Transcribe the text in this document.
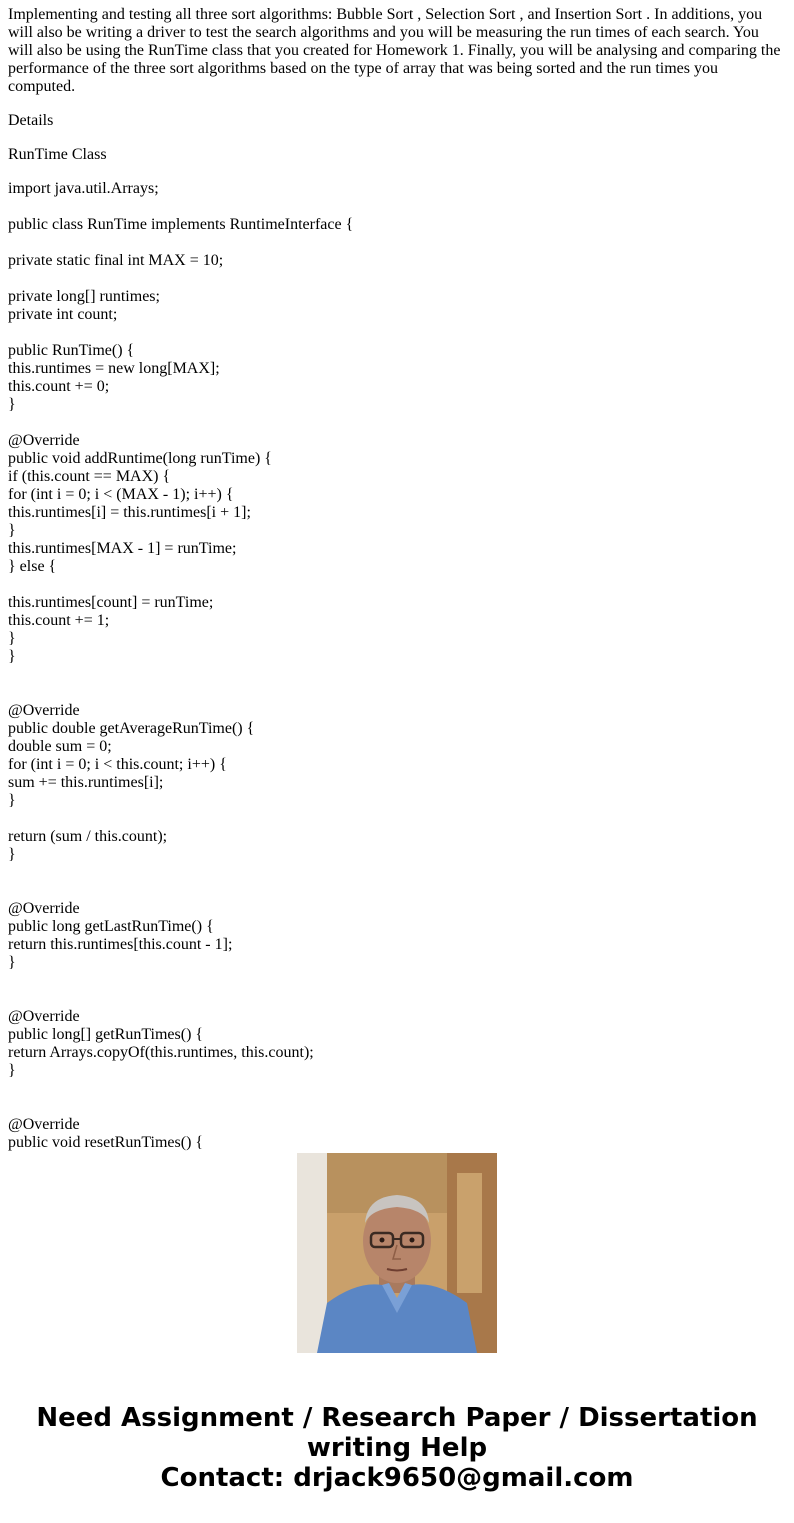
Implementing and testing all three sort algorithms: Bubble Sort , Selection Sort , and Insertion Sort . In additions, you will also be writing a driver to test the search algorithms and you will be measuring the run times of each search. You will also be using the RunTime class that you created for Homework 1. Finally, you will be analysing and comparing the performance of the three sort algorithms based on the type of array that was being sorted and the run times you computed.

Details

RunTime Class

import java.util.Arrays;
public class RunTime implements RuntimeInterface {
private static final int MAX = 10;
private long[] runtimes;
private int count;
public RunTime() {
this.runtimes = new long[MAX];
this.count += 0;
}
@Override
public void addRuntime(long runTime) {
if (this.count == MAX) {
for (int i = 0; i < (MAX - 1); i++) {
this.runtimes[i] = this.runtimes[i + 1];
}
this.runtimes[MAX - 1] = runTime;
} else {
this.runtimes[count] = runTime;
this.count += 1;
}
}
@Override
public double getAverageRunTime() {
double sum = 0;
for (int i = 0; i < this.count; i++) {
sum += this.runtimes[i];
}
return (sum / this.count);
}
@Override
public long getLastRunTime() {
return this.runtimes[this.count - 1];
}
@Override
public long[] getRunTimes() {
return Arrays.copyOf(this.runtimes, this.count);
}
@Override
public void resetRunTimes() {
Need Assignment / Research Paper / Dissertation
writing Help
Contact: drjack9650@gmail.com
